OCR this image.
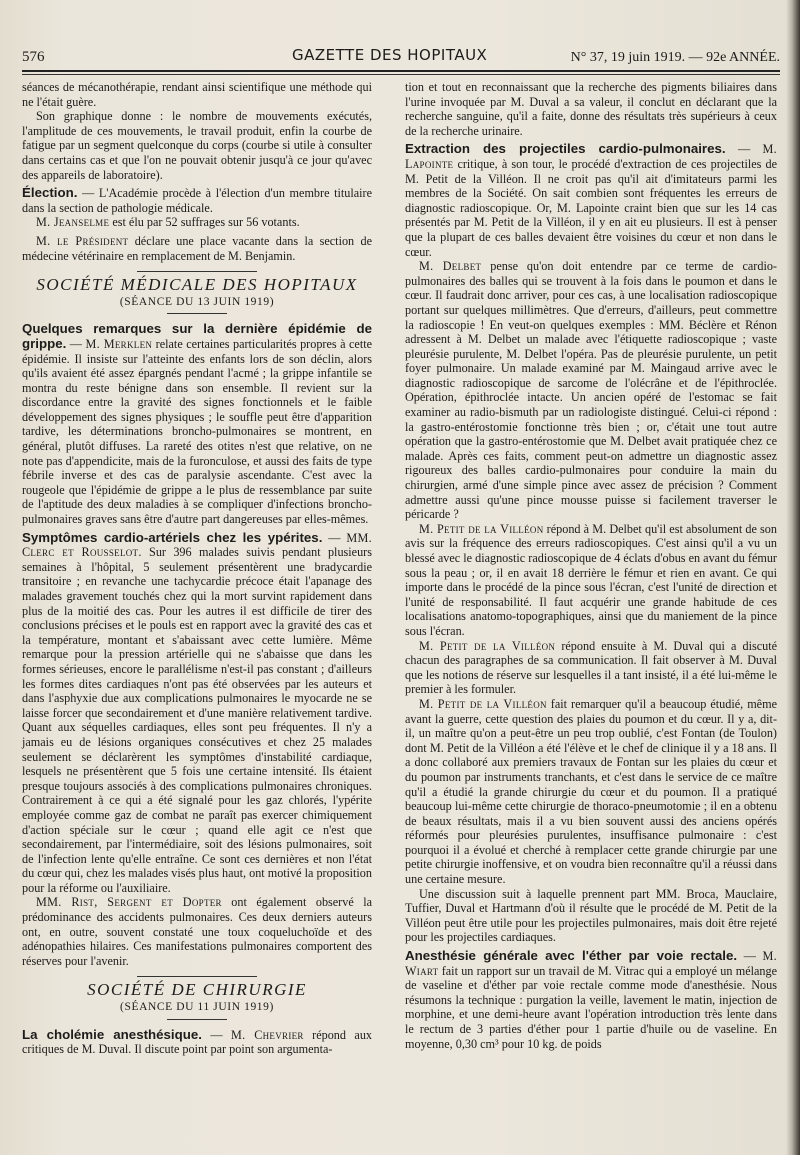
576	GAZETTE DES HOPITAUX	N° 37, 19 juin 1919. — 92e ANNÉE.

séances de mécanothérapie, rendant ainsi scientifique une méthode qui ne l'était guère.

Son graphique donne : le nombre de mouvements exécutés, l'amplitude de ces mouvements, le travail produit, enfin la courbe de fatigue par un segment quelconque du corps (courbe si utile à consulter dans certains cas et que l'on ne pouvait obtenir jusqu'à ce jour qu'avec des appareils de laboratoire).

Élection. — L'Académie procède à l'élection d'un membre titulaire dans la section de pathologie médicale.

M. Jeanselme est élu par 52 suffrages sur 56 votants.

M. le Président déclare une place vacante dans la section de médecine vétérinaire en remplacement de M. Benjamin.

SOCIÉTÉ MÉDICALE DES HOPITAUX
(SÉANCE DU 13 JUIN 1919)

Quelques remarques sur la dernière épidémie de grippe. — M. Merklen relate certaines particularités propres à cette épidémie. Il insiste sur l'atteinte des enfants lors de son déclin, alors qu'ils avaient été assez épargnés pendant l'acmé ; la grippe infantile se montra du reste bénigne dans son ensemble. Il revient sur la discordance entre la gravité des signes fonctionnels et le faible développement des signes physiques ; le souffle peut être d'apparition tardive, les déterminations broncho-pulmonaires se montrent, en général, plutôt diffuses. La rareté des otites n'est que relative, on ne note pas d'appendicite, mais de la furonculose, et aussi des faits de type fébrile inverse et des cas de paralysie ascendante. C'est avec la rougeole que l'épidémie de grippe a le plus de ressemblance par suite de l'aptitude des deux maladies à se compliquer d'infections broncho-pulmonaires graves sans être d'autre part dangereuses par elles-mêmes.

Symptômes cardio-artériels chez les ypérites. — MM. Clerc et Rousselot. Sur 396 malades suivis pendant plusieurs semaines à l'hôpital, 5 seulement présentèrent une bradycardie transitoire ; en revanche une tachycardie précoce était l'apanage des malades gravement touchés chez qui la mort survint rapidement dans plus de la moitié des cas. Pour les autres il est difficile de tirer des conclusions précises et le pouls est en rapport avec la gravité des cas et la température, montant et s'abaissant avec cette lumière. Même remarque pour la pression artérielle qui ne s'abaisse que dans les formes sérieuses, encore le parallélisme n'est-il pas constant ; d'ailleurs les formes dites cardiaques n'ont pas été observées par les auteurs et dans l'asphyxie due aux complications pulmonaires le myocarde ne se laisse forcer que secondairement et d'une manière relativement tardive. Quant aux séquelles cardiaques, elles sont peu fréquentes. Il n'y a jamais eu de lésions organiques consécutives et chez 25 malades seulement se déclarèrent les symptômes d'instabilité cardiaque, lesquels ne présentèrent que 5 fois une certaine intensité. Ils étaient presque toujours associés à des complications pulmonaires chroniques. Contrairement à ce qui a été signalé pour les gaz chlorés, l'ypérite employée comme gaz de combat ne paraît pas exercer chimiquement d'action spéciale sur le cœur ; quand elle agit ce n'est que secondairement, par l'intermédiaire, soit des lésions pulmonaires, soit de l'infection lente qu'elle entraîne. Ce sont ces dernières et non l'état du cœur qui, chez les malades visés plus haut, ont motivé la proposition pour la réforme ou l'auxiliaire.

MM. Rist, Sergent et Dopter ont également observé la prédominance des accidents pulmonaires. Ces deux derniers auteurs ont, en outre, souvent constaté une toux coqueluchoïde et des adénopathies hilaires. Ces manifestations pulmonaires comportent des réserves pour l'avenir.

SOCIÉTÉ DE CHIRURGIE
(SÉANCE DU 11 JUIN 1919)

La cholémie anesthésique. — M. Chevrier répond aux critiques de M. Duval. Il discute point par point son argumenta-

tion et tout en reconnaissant que la recherche des pigments biliaires dans l'urine invoquée par M. Duval a sa valeur, il conclut en déclarant que la recherche sanguine, qu'il a faite, donne des résultats très supérieurs à ceux de la recherche urinaire.

Extraction des projectiles cardio-pulmonaires. — M. Lapointe critique, à son tour, le procédé d'extraction de ces projectiles de M. Petit de la Villéon. Il ne croit pas qu'il ait d'imitateurs parmi les membres de la Société. On sait combien sont fréquentes les erreurs de diagnostic radioscopique. Or, M. Lapointe craint bien que sur les 14 cas présentés par M. Petit de la Villéon, il y en ait eu plusieurs. Il est à penser que la plupart de ces balles devaient être voisines du cœur et non dans le cœur.

M. Delbet pense qu'on doit entendre par ce terme de cardio-pulmonaires des balles qui se trouvent à la fois dans le poumon et dans le cœur. Il faudrait donc arriver, pour ces cas, à une localisation radioscopique portant sur quelques millimètres. Que d'erreurs, d'ailleurs, peut commettre la radioscopie ! En veut-on quelques exemples : MM. Béclère et Rénon adressent à M. Delbet un malade avec l'étiquette radioscopique ; vaste pleurésie purulente, M. Delbet l'opéra. Pas de pleurésie purulente, un petit foyer pulmonaire. Un malade examiné par M. Maingaud arrive avec le diagnostic radioscopique de sarcome de l'olécrâne et de l'épithroclée. Opération, épithroclée intacte. Un ancien opéré de l'estomac se fait examiner au radio-bismuth par un radiologiste distingué. Celui-ci répond : la gastro-entérostomie fonctionne très bien ; or, c'était une tout autre opération que la gastro-entérostomie que M. Delbet avait pratiquée chez ce malade. Après ces faits, comment peut-on admettre un diagnostic assez rigoureux des balles cardio-pulmonaires pour conduire la main du chirurgien, armé d'une simple pince avec assez de précision ? Comment admettre aussi qu'une pince mousse puisse si facilement traverser le péricarde ?

M. Petit de la Villéon répond à M. Delbet qu'il est absolument de son avis sur la fréquence des erreurs radioscopiques. C'est ainsi qu'il a vu un blessé avec le diagnostic radioscopique de 4 éclats d'obus en avant du fémur sous la peau ; or, il en avait 18 derrière le fémur et rien en avant. Ce qui importe dans le procédé de la pince sous l'écran, c'est l'unité de direction et l'unité de responsabilité. Il faut acquérir une grande habitude de ces localisations anatomo-topographiques, ainsi que du maniement de la pince sous l'écran.

M. Petit de la Villéon répond ensuite à M. Duval qui a discuté chacun des paragraphes de sa communication. Il fait observer à M. Duval que les notions de réserve sur lesquelles il a tant insisté, il a été lui-même le premier à les formuler.

M. Petit de la Villéon fait remarquer qu'il a beaucoup étudié, même avant la guerre, cette question des plaies du poumon et du cœur. Il y a, dit-il, un maître qu'on a peut-être un peu trop oublié, c'est Fontan (de Toulon) dont M. Petit de la Villéon a été l'élève et le chef de clinique il y a 18 ans. Il a donc collaboré aux premiers travaux de Fontan sur les plaies du cœur et du poumon par instruments tranchants, et c'est dans le service de ce maître qu'il a étudié la grande chirurgie du cœur et du poumon. Il a pratiqué beaucoup lui-même cette chirurgie de thoraco-pneumotomie ; il en a obtenu de beaux résultats, mais il a vu bien souvent aussi des anciens opérés réformés pour pleurésies purulentes, insuffisance pulmonaire : c'est pourquoi il a évolué et cherché à remplacer cette grande chirurgie par une petite chirurgie inoffensive, et on voudra bien reconnaître qu'il a réussi dans une certaine mesure.

Une discussion suit à laquelle prennent part MM. Broca, Mauclaire, Tuffier, Duval et Hartmann d'où il résulte que le procédé de M. Petit de la Villéon peut être utile pour les projectiles pulmonaires, mais doit être rejeté pour les projectiles cardiaques.

Anesthésie générale avec l'éther par voie rectale. — M. Wiart fait un rapport sur un travail de M. Vitrac qui a employé un mélange de vaseline et d'éther par voie rectale comme mode d'anesthésie. Nous résumons la technique : purgation la veille, lavement le matin, injection de morphine, et une demi-heure avant l'opération introduction très lente dans le rectum de 3 parties d'éther pour 1 partie d'huile ou de vaseline. En moyenne, 0,30 cm³ pour 10 kg. de poids
